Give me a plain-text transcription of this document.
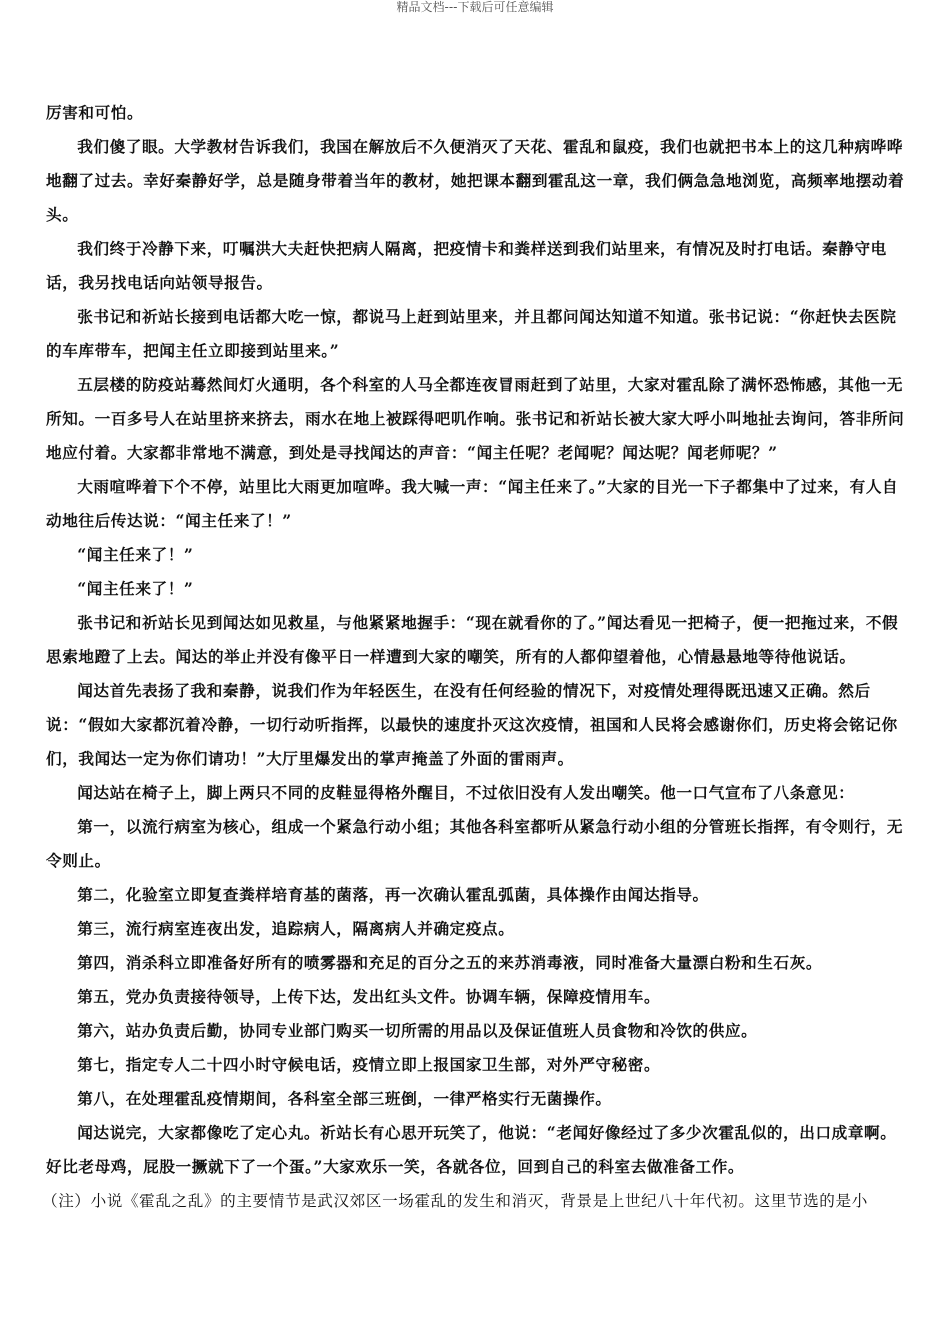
精品文档---下载后可任意编辑

厉害和可怕。

我们傻了眼。大学教材告诉我们，我国在解放后不久便消灭了天花、霍乱和鼠疫，我们也就把书本上的这几种病哗哗地翻了过去。幸好秦静好学，总是随身带着当年的教材，她把课本翻到霍乱这一章，我们俩急急地浏览，高频率地摆动着头。

我们终于冷静下来，叮嘱洪大夫赶快把病人隔离，把疫情卡和粪样送到我们站里来，有情况及时打电话。秦静守电话，我另找电话向站领导报告。

张书记和祈站长接到电话都大吃一惊，都说马上赶到站里来，并且都问闻达知道不知道。张书记说：“你赶快去医院的车库带车，把闻主任立即接到站里来。”

五层楼的防疫站蓦然间灯火通明，各个科室的人马全都连夜冒雨赶到了站里，大家对霍乱除了满怀恐怖感，其他一无所知。一百多号人在站里挤来挤去，雨水在地上被踩得吧叽作响。张书记和祈站长被大家大呼小叫地扯去询问，答非所问地应付着。大家都非常地不满意，到处是寻找闻达的声音：“闻主任呢？老闻呢？闻达呢？闻老师呢？”

大雨喧哗着下个不停，站里比大雨更加喧哗。我大喊一声：“闻主任来了。”大家的目光一下子都集中了过来，有人自动地往后传达说：“闻主任来了！”

“闻主任来了！”

“闻主任来了！”

张书记和祈站长见到闻达如见救星，与他紧紧地握手：“现在就看你的了。”闻达看见一把椅子，便一把拖过来，不假思索地蹬了上去。闻达的举止并没有像平日一样遭到大家的嘲笑，所有的人都仰望着他，心情悬悬地等待他说话。

闻达首先表扬了我和秦静，说我们作为年轻医生，在没有任何经验的情况下，对疫情处理得既迅速又正确。然后说：“假如大家都沉着冷静，一切行动听指挥，以最快的速度扑灭这次疫情，祖国和人民将会感谢你们，历史将会铭记你们，我闻达一定为你们请功！”大厅里爆发出的掌声掩盖了外面的雷雨声。

闻达站在椅子上，脚上两只不同的皮鞋显得格外醒目，不过依旧没有人发出嘲笑。他一口气宣布了八条意见：

第一，以流行病室为核心，组成一个紧急行动小组；其他各科室都听从紧急行动小组的分管班长指挥，有令则行，无令则止。

第二，化验室立即复查粪样培育基的菌落，再一次确认霍乱弧菌，具体操作由闻达指导。

第三，流行病室连夜出发，追踪病人，隔离病人并确定疫点。

第四，消杀科立即准备好所有的喷雾器和充足的百分之五的来苏消毒液，同时准备大量漂白粉和生石灰。

第五，党办负责接待领导，上传下达，发出红头文件。协调车辆，保障疫情用车。

第六，站办负责后勤，协同专业部门购买一切所需的用品以及保证值班人员食物和冷饮的供应。

第七，指定专人二十四小时守候电话，疫情立即上报国家卫生部，对外严守秘密。

第八，在处理霍乱疫情期间，各科室全部三班倒，一律严格实行无菌操作。

闻达说完，大家都像吃了定心丸。祈站长有心思开玩笑了，他说：“老闻好像经过了多少次霍乱似的，出口成章啊。好比老母鸡，屁股一撅就下了一个蛋。”大家欢乐一笑，各就各位，回到自己的科室去做准备工作。

（注）小说《霍乱之乱》的主要情节是武汉郊区一场霍乱的发生和消灭，背景是上世纪八十年代初。这里节选的是小
